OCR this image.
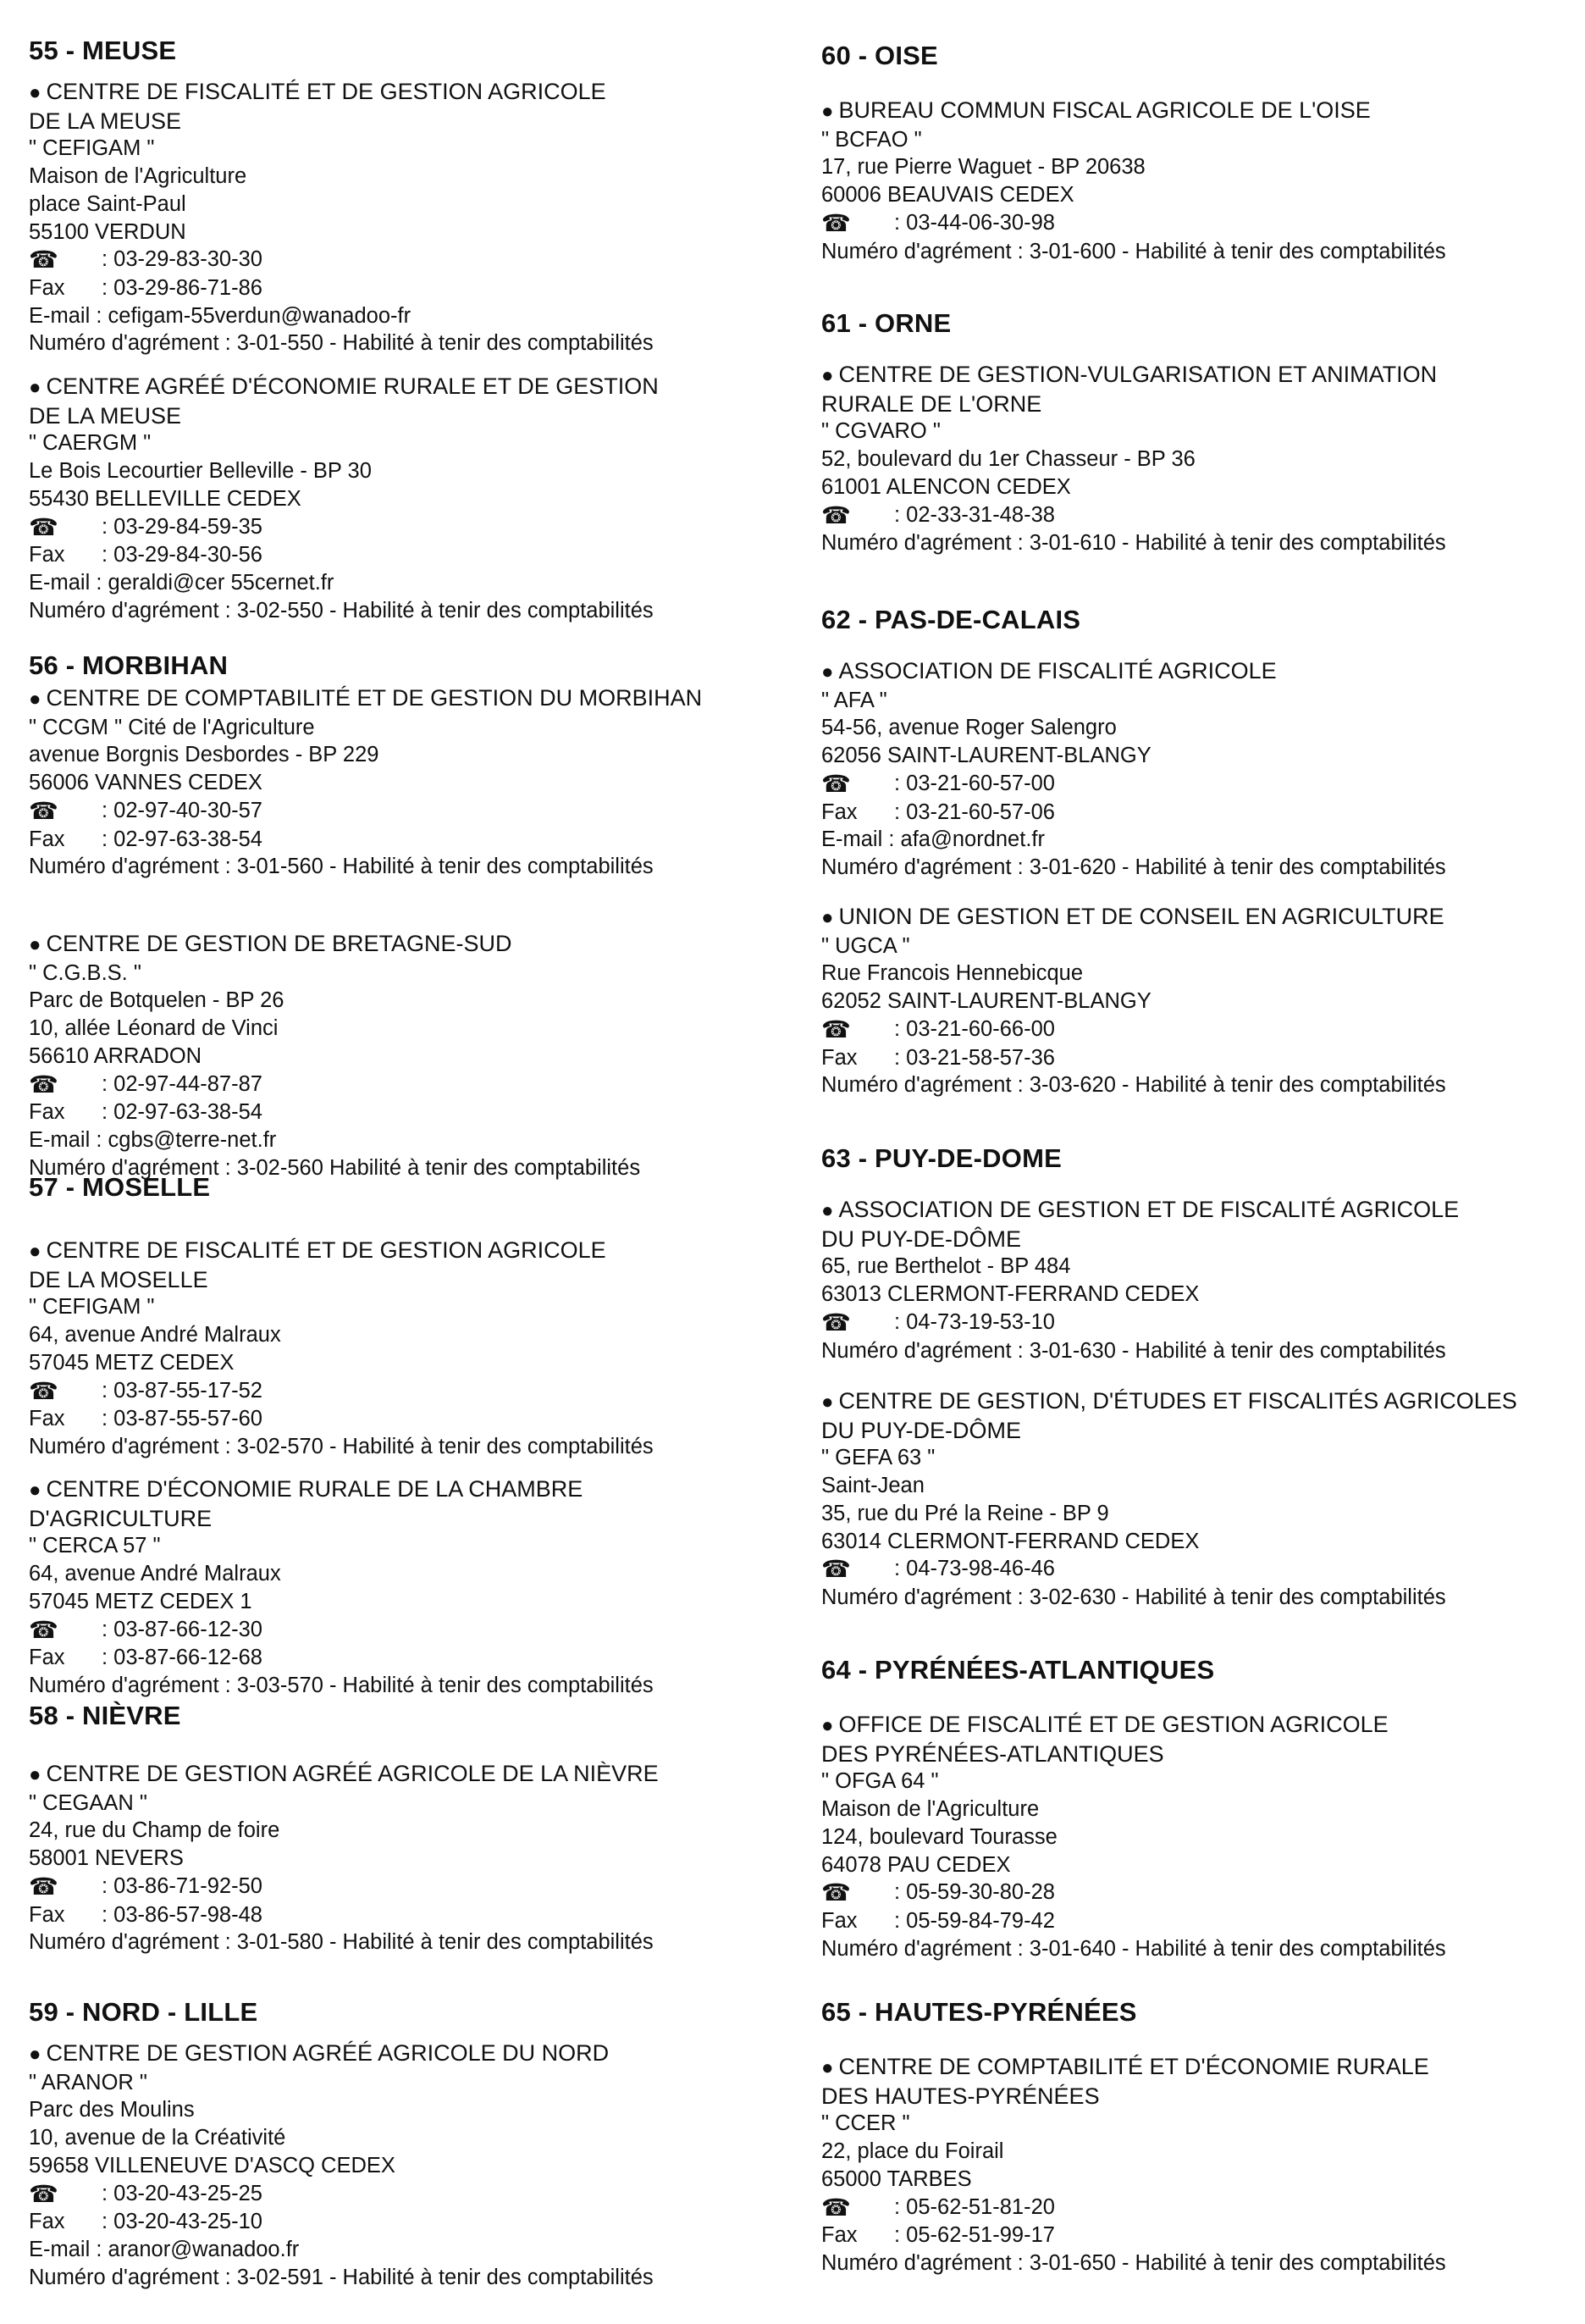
55 - MEUSE
● CENTRE DE FISCALITÉ ET DE GESTION AGRICOLE
DE LA MEUSE
" CEFIGAM "
Maison de l'Agriculture
place Saint-Paul
55100 VERDUN
☎ : 03-29-83-30-30
Fax : 03-29-86-71-86
E-mail : cefigam-55verdun@wanadoo-fr
Numéro d'agrément : 3-01-550 - Habilité à tenir des comptabilités
● CENTRE AGRÉÉ D'ÉCONOMIE RURALE ET DE GESTION
DE LA MEUSE
" CAERGM "
Le Bois Lecourtier Belleville - BP 30
55430 BELLEVILLE CEDEX
☎ : 03-29-84-59-35
Fax : 03-29-84-30-56
E-mail : geraldi@cer 55cernet.fr
Numéro d'agrément : 3-02-550 - Habilité à tenir des comptabilités
56 - MORBIHAN
● CENTRE DE COMPTABILITÉ ET DE GESTION DU MORBIHAN
" CCGM " Cité de l'Agriculture
avenue Borgnis Desbordes - BP 229
56006 VANNES CEDEX
☎ : 02-97-40-30-57
Fax : 02-97-63-38-54
Numéro d'agrément : 3-01-560 - Habilité à tenir des comptabilités
● CENTRE DE GESTION DE BRETAGNE-SUD
" C.G.B.S. "
Parc de Botquelen - BP 26
10, allée Léonard de Vinci
56610 ARRADON
☎ : 02-97-44-87-87
Fax : 02-97-63-38-54
E-mail : cgbs@terre-net.fr
Numéro d'agrément : 3-02-560 Habilité à tenir des comptabilités
57 - MOSELLE
● CENTRE DE FISCALITÉ ET DE GESTION AGRICOLE
DE LA MOSELLE
" CEFIGAM "
64, avenue André Malraux
57045 METZ CEDEX
☎ : 03-87-55-17-52
Fax : 03-87-55-57-60
Numéro d'agrément : 3-02-570 - Habilité à tenir des comptabilités
● CENTRE D'ÉCONOMIE RURALE DE LA CHAMBRE
D'AGRICULTURE
" CERCA 57 "
64, avenue André Malraux
57045 METZ CEDEX 1
☎ : 03-87-66-12-30
Fax : 03-87-66-12-68
Numéro d'agrément : 3-03-570 - Habilité à tenir des comptabilités
58 - NIÈVRE
● CENTRE DE GESTION AGRÉÉ AGRICOLE DE LA NIÈVRE
" CEGAAN "
24, rue du Champ de foire
58001 NEVERS
☎ : 03-86-71-92-50
Fax : 03-86-57-98-48
Numéro d'agrément : 3-01-580 - Habilité à tenir des comptabilités
59 - NORD - LILLE
● CENTRE DE GESTION AGRÉÉ AGRICOLE DU NORD
" ARANOR "
Parc des Moulins
10, avenue de la Créativité
59658 VILLENEUVE D'ASCQ CEDEX
☎ : 03-20-43-25-25
Fax : 03-20-43-25-10
E-mail : aranor@wanadoo.fr
Numéro d'agrément : 3-02-591 - Habilité à tenir des comptabilités
60 - OISE
● BUREAU COMMUN FISCAL AGRICOLE DE L'OISE
" BCFAO "
17, rue Pierre Waguet - BP 20638
60006 BEAUVAIS CEDEX
☎ : 03-44-06-30-98
Numéro d'agrément : 3-01-600 - Habilité à tenir des comptabilités
61 - ORNE
● CENTRE DE GESTION-VULGARISATION ET ANIMATION
RURALE DE L'ORNE
" CGVARO "
52, boulevard du 1er Chasseur - BP 36
61001 ALENCON CEDEX
☎ : 02-33-31-48-38
Numéro d'agrément : 3-01-610 - Habilité à tenir des comptabilités
62 - PAS-DE-CALAIS
● ASSOCIATION DE FISCALITÉ AGRICOLE
" AFA "
54-56, avenue Roger Salengro
62056 SAINT-LAURENT-BLANGY
☎ : 03-21-60-57-00
Fax : 03-21-60-57-06
E-mail : afa@nordnet.fr
Numéro d'agrément : 3-01-620 - Habilité à tenir des comptabilités
● UNION DE GESTION ET DE CONSEIL EN AGRICULTURE
" UGCA "
Rue Francois Hennebicque
62052 SAINT-LAURENT-BLANGY
☎ : 03-21-60-66-00
Fax : 03-21-58-57-36
Numéro d'agrément : 3-03-620 - Habilité à tenir des comptabilités
63 - PUY-DE-DOME
● ASSOCIATION DE GESTION ET DE FISCALITÉ AGRICOLE
DU PUY-DE-DÔME
65, rue Berthelot - BP 484
63013 CLERMONT-FERRAND CEDEX
☎ : 04-73-19-53-10
Numéro d'agrément : 3-01-630 - Habilité à tenir des comptabilités
● CENTRE DE GESTION, D'ÉTUDES ET FISCALITÉS AGRICOLES
DU PUY-DE-DÔME
" GEFA 63 "
Saint-Jean
35, rue du Pré la Reine - BP 9
63014 CLERMONT-FERRAND CEDEX
☎ : 04-73-98-46-46
Numéro d'agrément : 3-02-630 - Habilité à tenir des comptabilités
64 - PYRÉNÉES-ATLANTIQUES
● OFFICE DE FISCALITÉ ET DE GESTION AGRICOLE
DES PYRÉNÉES-ATLANTIQUES
" OFGA 64 "
Maison de l'Agriculture
124, boulevard Tourasse
64078 PAU CEDEX
☎ : 05-59-30-80-28
Fax : 05-59-84-79-42
Numéro d'agrément : 3-01-640 - Habilité à tenir des comptabilités
65 - HAUTES-PYRÉNÉES
● CENTRE DE COMPTABILITÉ ET D'ÉCONOMIE RURALE
DES HAUTES-PYRÉNÉES
" CCER "
22, place du Foirail
65000 TARBES
☎ : 05-62-51-81-20
Fax : 05-62-51-99-17
Numéro d'agrément : 3-01-650 - Habilité à tenir des comptabilités
